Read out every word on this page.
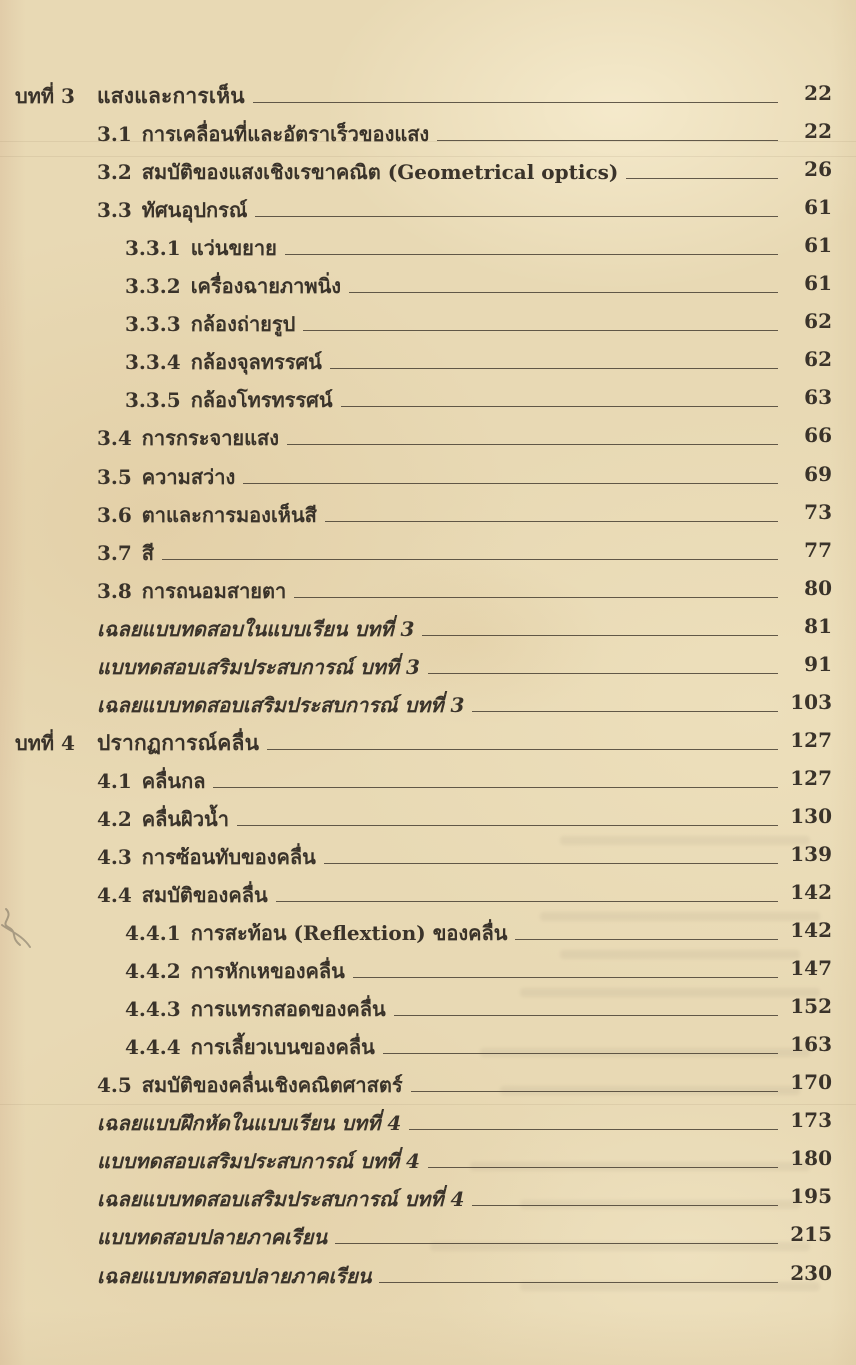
บทที่ 3	แสงและการเห็น	22
3.1 การเคลื่อนที่และอัตราเร็วของแสง	22
3.2 สมบัติของแสงเชิงเรขาคณิต (Geometrical optics)	26
3.3 ทัศนอุปกรณ์	61
3.3.1 แว่นขยาย	61
3.3.2 เครื่องฉายภาพนิ่ง	61
3.3.3 กล้องถ่ายรูป	62
3.3.4 กล้องจุลทรรศน์	62
3.3.5 กล้องโทรทรรศน์	63
3.4 การกระจายแสง	66
3.5 ความสว่าง	69
3.6 ตาและการมองเห็นสี	73
3.7 สี	77
3.8 การถนอมสายตา	80
เฉลยแบบทดสอบในแบบเรียน บทที่ 3	81
แบบทดสอบเสริมประสบการณ์ บทที่ 3	91
เฉลยแบบทดสอบเสริมประสบการณ์ บทที่ 3	103
บทที่ 4	ปรากฏการณ์คลื่น	127
4.1 คลื่นกล	127
4.2 คลื่นผิวน้ำ	130
4.3 การซ้อนทับของคลื่น	139
4.4 สมบัติของคลื่น	142
4.4.1 การสะท้อน (Reflextion) ของคลื่น	142
4.4.2 การหักเหของคลื่น	147
4.4.3 การแทรกสอดของคลื่น	152
4.4.4 การเลี้ยวเบนของคลื่น	163
4.5 สมบัติของคลื่นเชิงคณิตศาสตร์	170
เฉลยแบบฝึกหัดในแบบเรียน บทที่ 4	173
แบบทดสอบเสริมประสบการณ์ บทที่ 4	180
เฉลยแบบทดสอบเสริมประสบการณ์ บทที่ 4	195
แบบทดสอบปลายภาคเรียน	215
เฉลยแบบทดสอบปลายภาคเรียน	230
